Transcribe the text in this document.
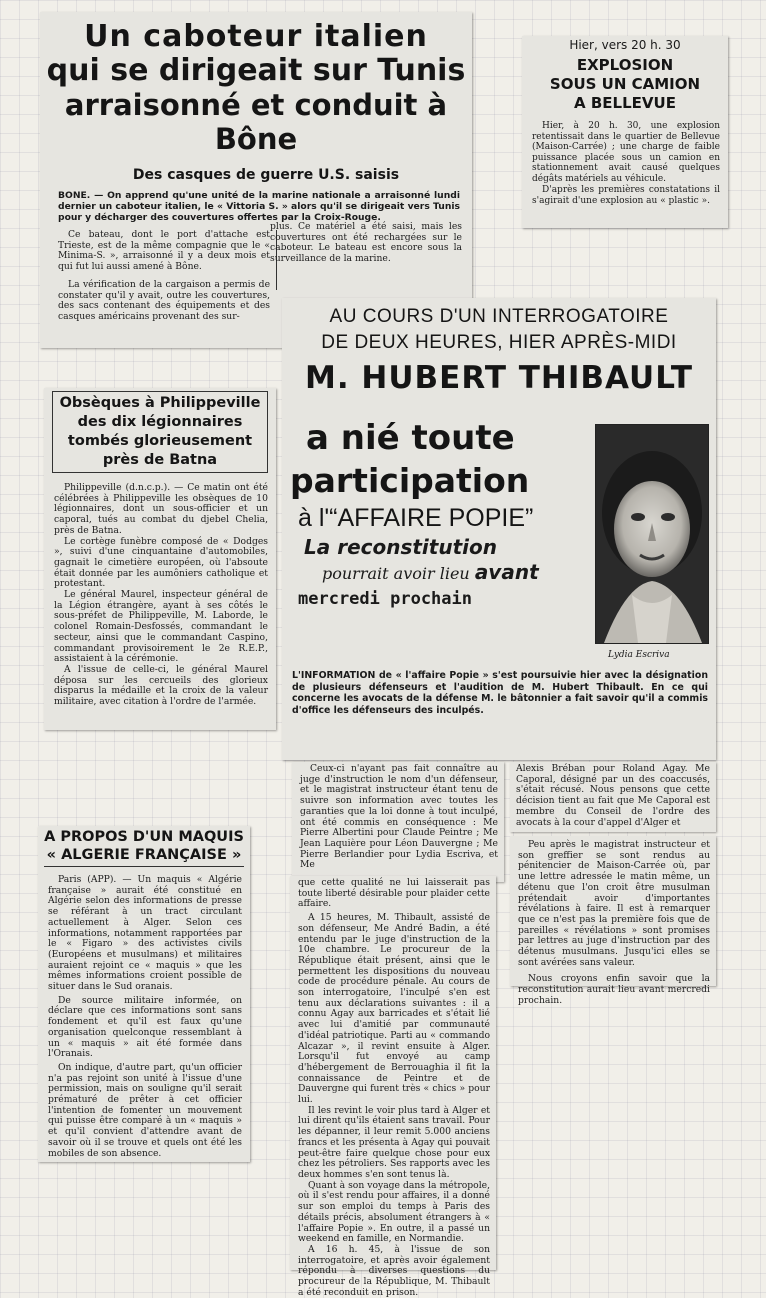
Un caboteur italien
qui se dirigeait sur Tunis
arraisonné et conduit à Bône
Des casques de guerre U.S. saisis

BONE. — On apprend qu'une unité de la marine nationale a arraisonné lundi dernier un caboteur italien, le « Vittoria S. » alors qu'il se dirigeait vers Tunis pour y décharger des couvertures offertes par la Croix-Rouge.

Ce bateau, dont le port d'attache est Trieste, est de la même compagnie que le « Minima-S. », arraisonné il y a deux mois et qui fut lui aussi amené à Bône.

La vérification de la cargaison a permis de constater qu'il y avait, outre les couvertures, des sacs contenant des équipements et des casques américains provenant des sur-

plus. Ce matériel a été saisi, mais les couvertures ont été rechargées sur le caboteur. Le bateau est encore sous la surveillance de la marine.

Hier, vers 20 h. 30
EXPLOSION
SOUS UN CAMION
A BELLEVUE

Hier, à 20 h. 30, une explosion retentissait dans le quartier de Bellevue (Maison-Carrée) ; une charge de faible puissance placée sous un camion en stationnement avait causé quelques dégâts matériels au véhicule.

D'après les premières constatations il s'agirait d'une explosion au « plastic ».

Obsèques à Philippeville
des dix légionnaires
tombés glorieusement
près de Batna

Philippeville (d.n.c.p.). — Ce matin ont été célébrées à Philippeville les obsèques de 10 légionnaires, dont un sous-officier et un caporal, tués au combat du djebel Chelia, près de Batna.

Le cortège funèbre composé de « Dodges », suivi d'une cinquantaine d'automobiles, gagnait le cimetière européen, où l'absoute était donnée par les aumôniers catholique et protestant.

Le général Maurel, inspecteur général de la Légion étrangère, ayant à ses côtés le sous-préfet de Philippeville, M. Laborde, le colonel Romain-Desfossés, commandant le secteur, ainsi que le commandant Caspino, commandant provisoirement le 2e R.E.P., assistaient à la cérémonie.

A l'issue de celle-ci, le général Maurel déposa sur les cercueils des glorieux disparus la médaille et la croix de la valeur militaire, avec citation à l'ordre de l'armée.

A PROPOS D'UN MAQUIS
« ALGERIE FRANÇAISE »

Paris (APP). — Un maquis « Algérie française » aurait été constitué en Algérie selon des informations de presse se référant à un tract circulant actuellement à Alger. Selon ces informations, notamment rapportées par le « Figaro » des activistes civils (Européens et musulmans) et militaires auraient rejoint ce « maquis » que les mêmes informations croient possible de situer dans le Sud oranais.

De source militaire informée, on déclare que ces informations sont sans fondement et qu'il est faux qu'une organisation quelconque ressemblant à un « maquis » ait été formée dans l'Oranais.

On indique, d'autre part, qu'un officier n'a pas rejoint son unité à l'issue d'une permission, mais on souligne qu'il serait prématuré de prêter à cet officier l'intention de fomenter un mouvement qui puisse être comparé à un « maquis » et qu'il convient d'attendre avant de savoir où il se trouve et quels ont été les mobiles de son absence.

AU COURS D'UN INTERROGATOIRE
DE DEUX HEURES, HIER APRÈS-MIDI
M. HUBERT THIBAULT
a nié toute
participation
à l'“AFFAIRE POPIE”
La reconstitution
pourrait avoir lieu avant
mercredi prochain
Lydia Escriva

L'INFORMATION de « l'affaire Popie » s'est poursuivie hier avec la désignation de plusieurs défenseurs et l'audition de M. Hubert Thibault. En ce qui concerne les avocats de la défense M. le bâtonnier a fait savoir qu'il a commis d'office les défenseurs des inculpés.

Ceux-ci n'ayant pas fait connaître au juge d'instruction le nom d'un défenseur, et le magistrat instructeur étant tenu de suivre son information avec toutes les garanties que la loi donne à tout inculpé, ont été commis en conséquence : Me Pierre Albertini pour Claude Peintre ; Me Jean Laquière pour Léon Dauvergne ; Me Pierre Berlandier pour Lydia Escriva, et Me

Alexis Bréban pour Roland Agay. Me Caporal, désigné par un des coaccusés, s'était récusé. Nous pensons que cette décision tient au fait que Me Caporal est membre du Conseil de l'ordre des avocats à la cour d'appel d'Alger et

que cette qualité ne lui laisserait pas toute liberté désirable pour plaider cette affaire.

A 15 heures, M. Thibault, assisté de son défenseur, Me André Badin, a été entendu par le juge d'instruction de la 10e chambre. Le procureur de la République était présent, ainsi que le permettent les dispositions du nouveau code de procédure pénale. Au cours de son interrogatoire, l'inculpé s'en est tenu aux déclarations suivantes : il a connu Agay aux barricades et s'était lié avec lui d'amitié par communauté d'idéal patriotique. Parti au « commando Alcazar », il revint ensuite à Alger. Lorsqu'il fut envoyé au camp d'hébergement de Berrouaghia il fit la connaissance de Peintre et de Dauvergne qui furent très « chics » pour lui.

Il les revint le voir plus tard à Alger et lui dirent qu'ils étaient sans travail. Pour les dépanner, il leur remit 5.000 anciens francs et les présenta à Agay qui pouvait peut-être faire quelque chose pour eux chez les pétroliers. Ses rapports avec les deux hommes s'en sont tenus là.

Quant à son voyage dans la métropole, où il s'est rendu pour affaires, il a donné sur son emploi du temps à Paris des détails précis, absolument étrangers à « l'affaire Popie ». En outre, il a passé un weekend en famille, en Normandie.

A 16 h. 45, à l'issue de son interrogatoire, et après avoir également répondu à diverses questions du procureur de la République, M. Thibault a été reconduit en prison.

Peu après le magistrat instructeur et son greffier se sont rendus au pénitencier de Maison-Carrée où, par une lettre adressée le matin même, un détenu que l'on croit être musulman prétendait avoir d'importantes révélations à faire. Il est à remarquer que ce n'est pas la première fois que de pareilles « révélations » sont promises par lettres au juge d'instruction par des détenus musulmans. Jusqu'ici elles se sont avérées sans valeur.

Nous croyons enfin savoir que la reconstitution aurait lieu avant mercredi prochain.
